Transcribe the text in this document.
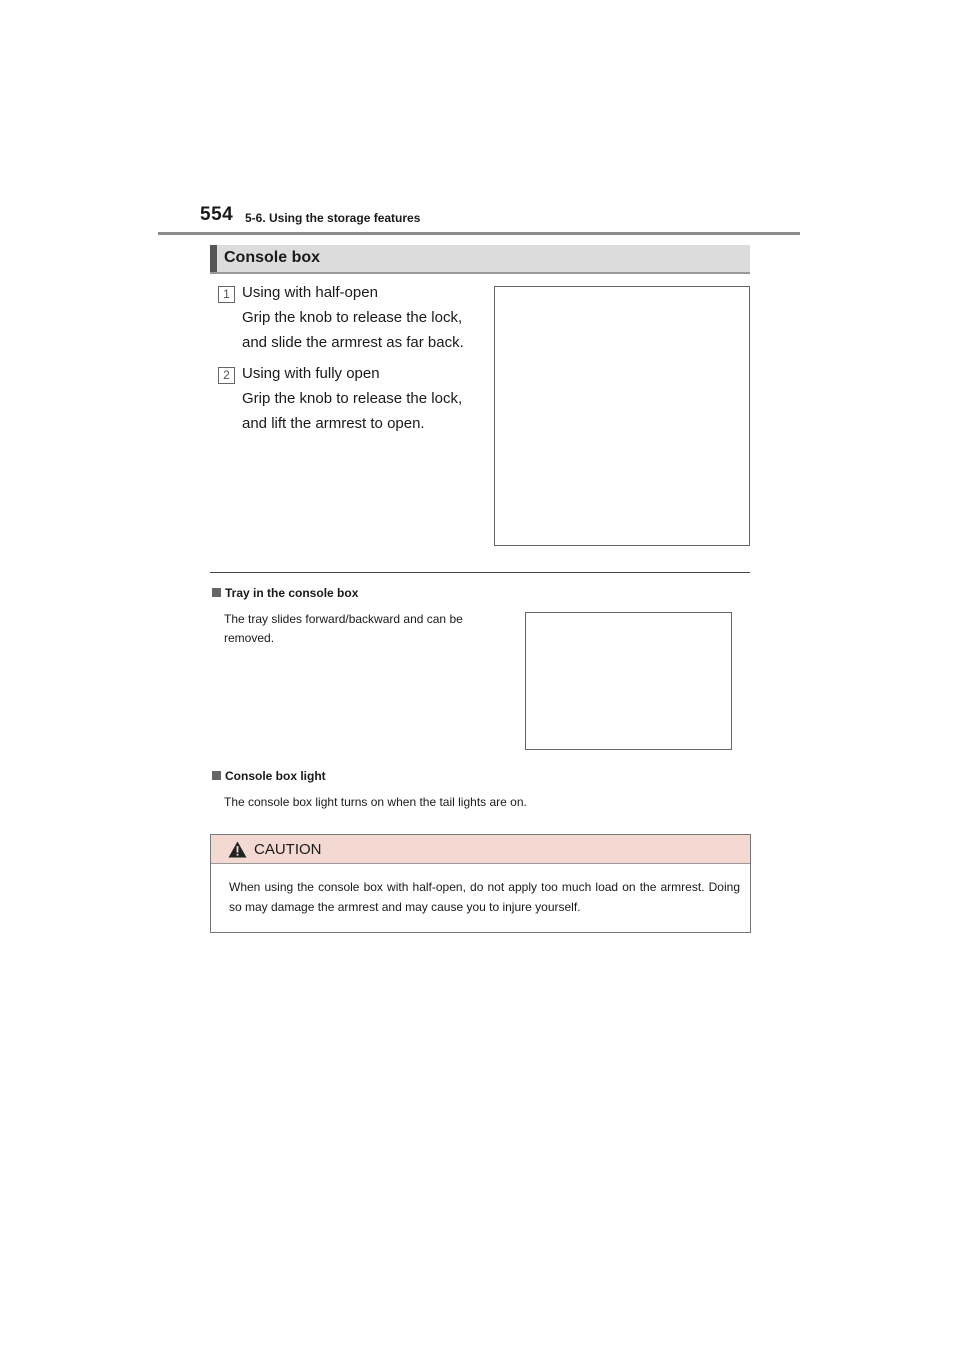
554 5-6. Using the storage features
Console box
1 Using with half-open
Grip the knob to release the lock, and slide the armrest as far back.
2 Using with fully open
Grip the knob to release the lock, and lift the armrest to open.
Tray in the console box
The tray slides forward/backward and can be removed.
Console box light
The console box light turns on when the tail lights are on.
CAUTION
When using the console box with half-open, do not apply too much load on the armrest. Doing so may damage the armrest and may cause you to injure yourself.
